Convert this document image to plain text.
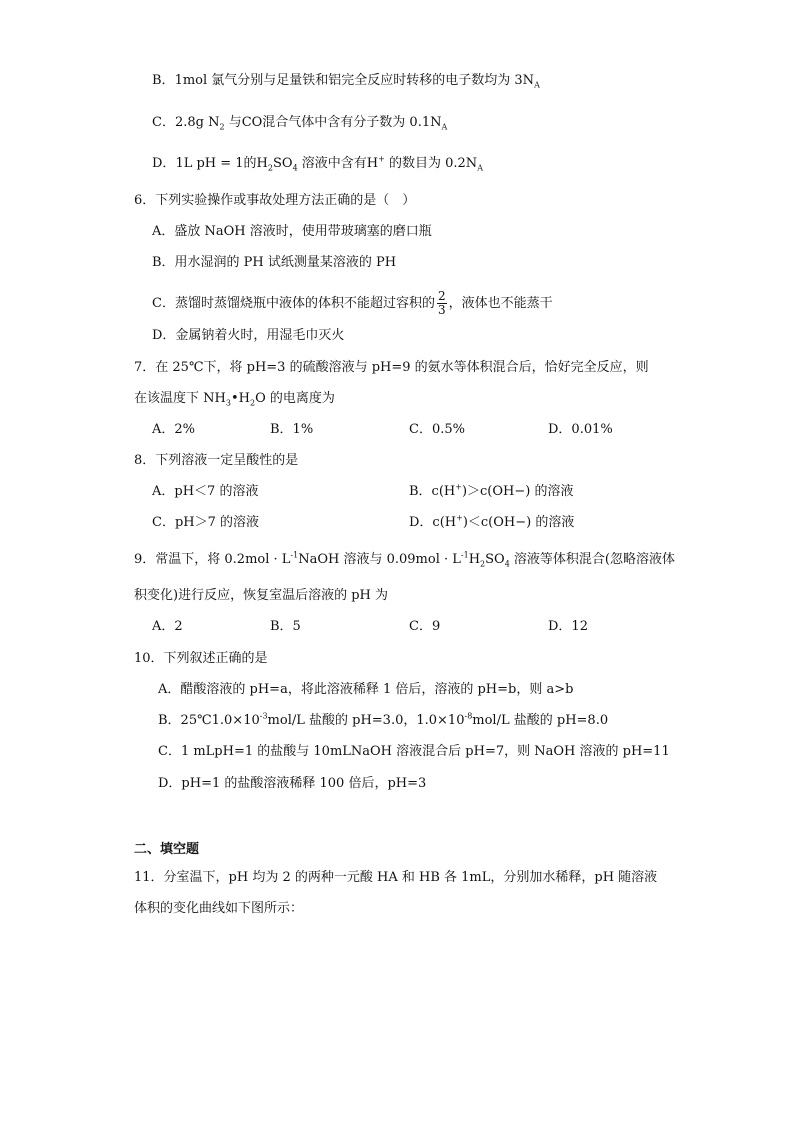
B．1mol 氯气分别与足量铁和铝完全反应时转移的电子数均为 $3N_A$
C．2.8g $N_2$ 与CO混合气体中含有分子数为 $0.1N_A$
D．1L pH = 1的$H_2SO_4$ 溶液中含有H+ 的数目为 $0.2N_A$
6．下列实验操作或事故处理方法正确的是（　）
A．盛放 NaOH 溶液时，使用带玻璃塞的磨口瓶
B．用水湿润的 PH 试纸测量某溶液的 PH
C．蒸馏时蒸馏烧瓶中液体的体积不能超过容积的 $\frac{2}{3}$ ，液体也不能蒸干
D．金属钠着火时，用湿毛巾灭火
7．在 25℃下，将 pH=3 的硫酸溶液与 pH=9 的氨水等体积混合后，恰好完全反应，则
在该温度下 $NH_3•H_2O$ 的电离度为
A．2%	B．1%	C．0.5%	D．0.01%
8．下列溶液一定呈酸性的是
A．pH＜7 的溶液	B．c(H+)＞c(OH−) 的溶液
C．pH＞7 的溶液	D．c(H+)＜c(OH−) 的溶液
9．常温下，将 $0.2mol \cdot L^{-1}NaOH$ 溶液与 $0.09mol \cdot L^{-1}H_2SO_4$ 溶液等体积混合(忽略溶液体
积变化)进行反应，恢复室温后溶液的 pH 为
A．2	B．5	C．9	D．12
10．下列叙述正确的是
A．醋酸溶液的 pH=a，将此溶液稀释 1 倍后，溶液的 pH=b，则 a>b
B．$25℃1.0\times 10^{-3}mol/L$ 盐酸的 pH=3.0，$1.0\times 10^{-8}mol/L$ 盐酸的 pH=8.0
C．1 mLpH=1 的盐酸与 10mLNaOH 溶液混合后 pH=7，则 NaOH 溶液的 pH=11
D．pH=1 的盐酸溶液稀释 100 倍后，pH=3
二、填空题
11．分室温下，pH 均为 2 的两种一元酸 HA 和 HB 各 1mL，分别加水稀释，pH 随溶液
体积的变化曲线如下图所示：
